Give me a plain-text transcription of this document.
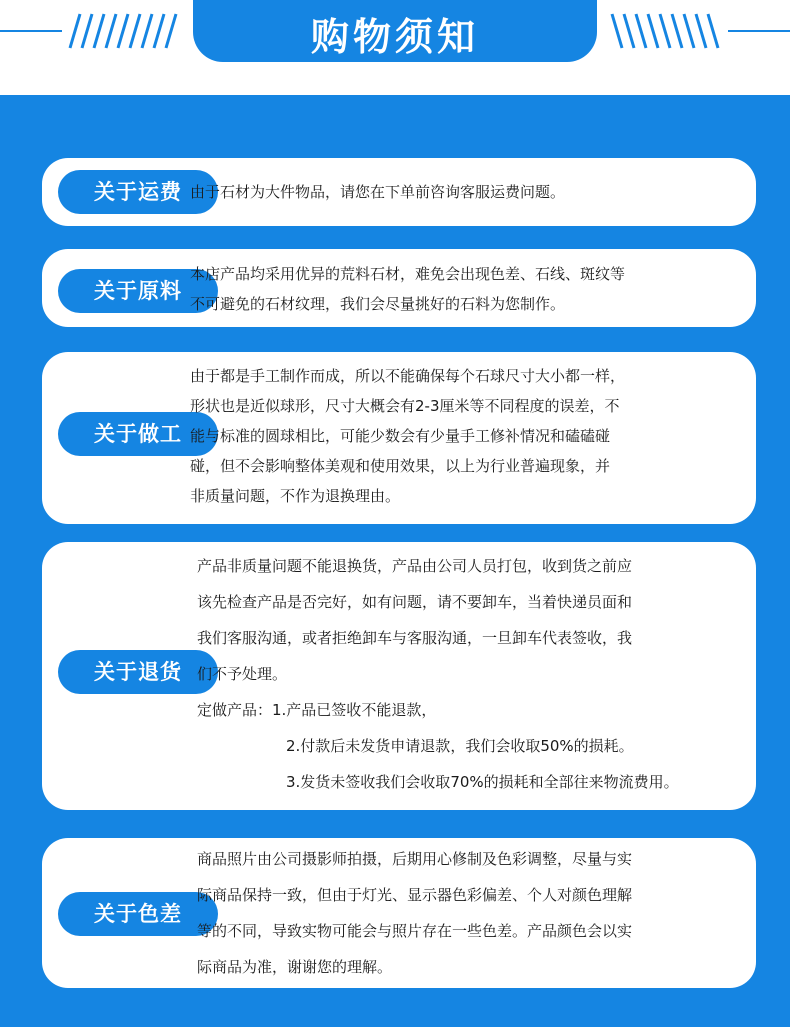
购物须知
关于运费 由于石材为大件物品，请您在下单前咨询客服运费问题。
关于原料
本店产品均采用优异的荒料石材，难免会出现色差、石线、斑纹等
不可避免的石材纹理，我们会尽量挑好的石料为您制作。
关于做工
由于都是手工制作而成，所以不能确保每个石球尺寸大小都一样，
形状也是近似球形，尺寸大概会有2-3厘米等不同程度的误差，不
能与标准的圆球相比，可能少数会有少量手工修补情况和磕磕碰
碰，但不会影响整体美观和使用效果，以上为行业普遍现象，并
非质量问题，不作为退换理由。
关于退货
产品非质量问题不能退换货，产品由公司人员打包，收到货之前应
该先检查产品是否完好，如有问题，请不要卸车，当着快递员面和
我们客服沟通，或者拒绝卸车与客服沟通，一旦卸车代表签收，我
们不予处理。
定做产品：1.产品已签收不能退款，
2.付款后未发货申请退款，我们会收取50%的损耗。
3.发货未签收我们会收取70%的损耗和全部往来物流费用。
关于色差
商品照片由公司摄影师拍摄，后期用心修制及色彩调整，尽量与实
际商品保持一致，但由于灯光、显示器色彩偏差、个人对颜色理解
等的不同，导致实物可能会与照片存在一些色差。产品颜色会以实
际商品为准，谢谢您的理解。
